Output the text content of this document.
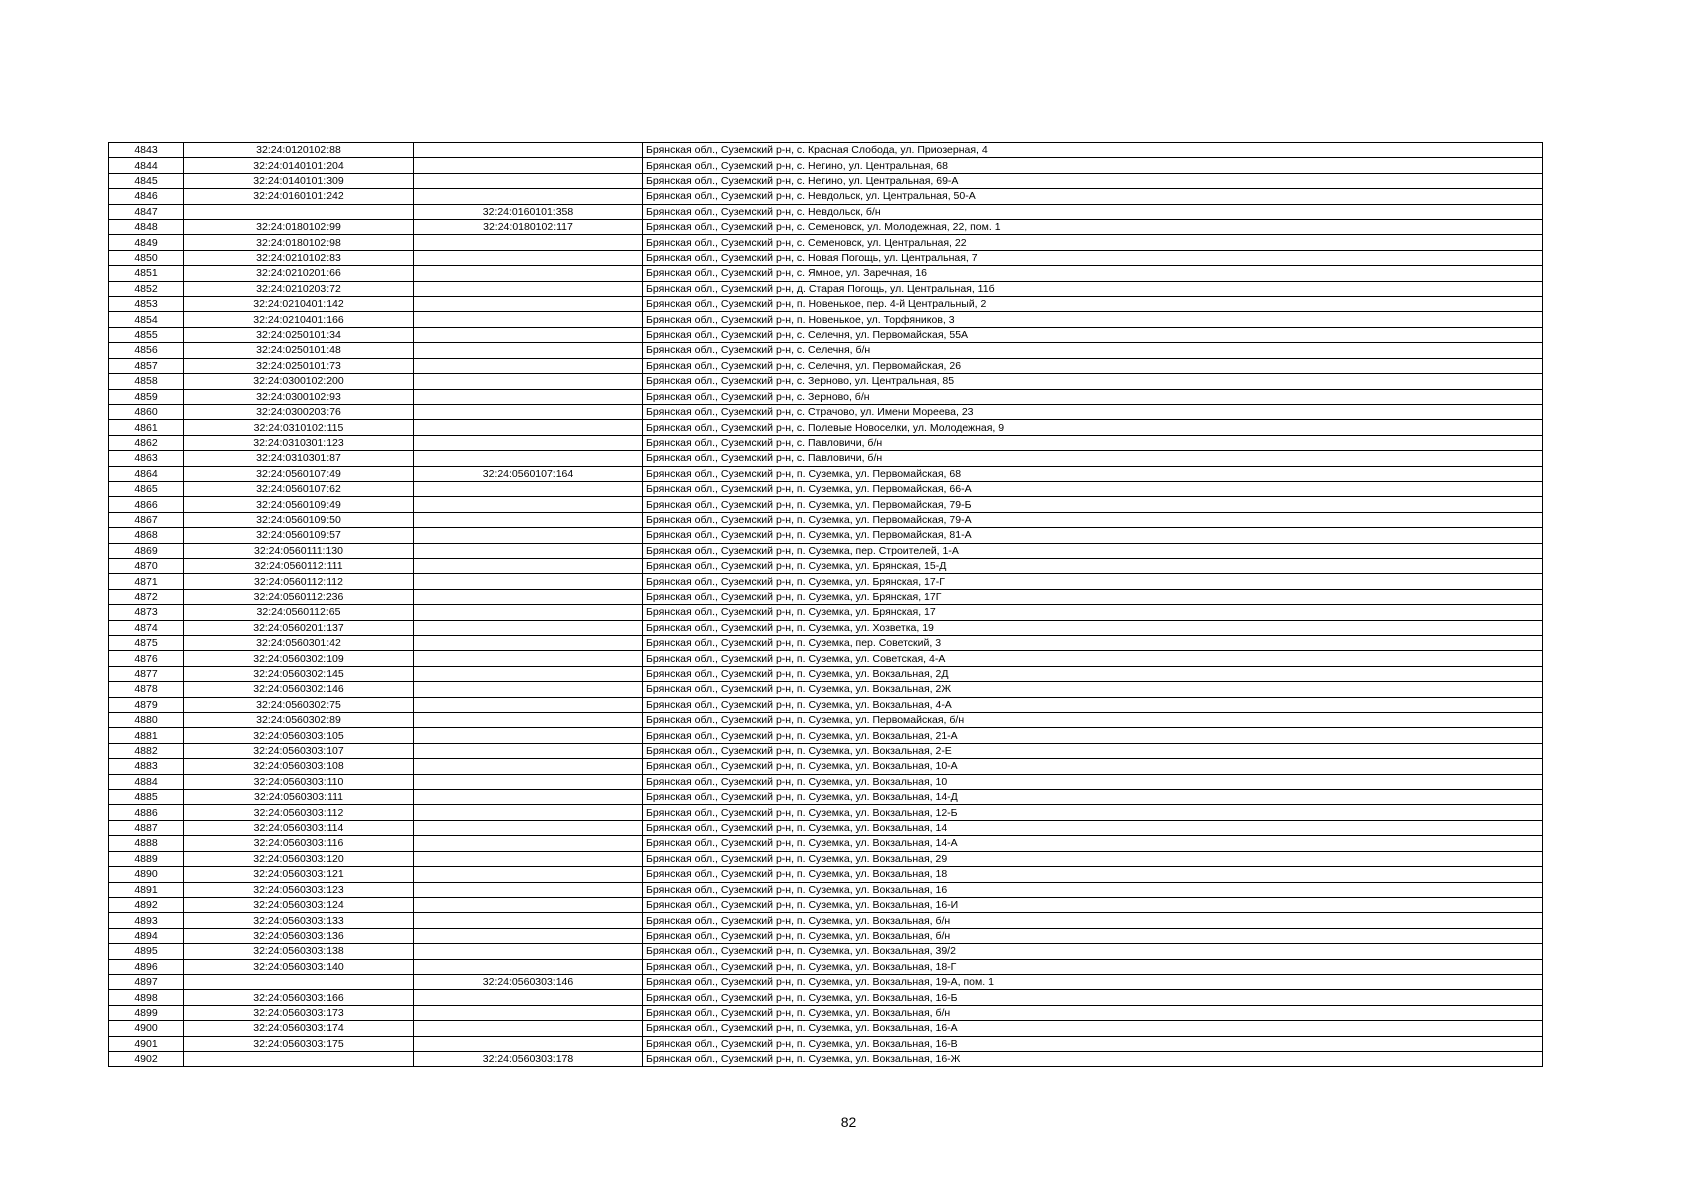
4843	32:24:0120102:88		Брянская обл., Суземский р-н, с. Красная Слобода, ул. Приозерная, 4
4844	32:24:0140101:204		Брянская обл., Суземский р-н, с. Негино, ул. Центральная, 68
4845	32:24:0140101:309		Брянская обл., Суземский р-н, с. Негино, ул. Центральная, 69-А
4846	32:24:0160101:242		Брянская обл., Суземский р-н, с. Невдольск, ул. Центральная, 50-А
4847		32:24:0160101:358	Брянская обл., Суземский р-н, с. Невдольск, б/н
4848	32:24:0180102:99	32:24:0180102:117	Брянская обл., Суземский р-н, с. Семеновск, ул. Молодежная, 22, пом. 1
4849	32:24:0180102:98		Брянская обл., Суземский р-н, с. Семеновск, ул. Центральная, 22
4850	32:24:0210102:83		Брянская обл., Суземский р-н, с. Новая Погощь, ул. Центральная, 7
4851	32:24:0210201:66		Брянская обл., Суземский р-н, с. Ямное, ул. Заречная, 16
4852	32:24:0210203:72		Брянская обл., Суземский р-н, д. Старая Погощь, ул. Центральная, 11б
4853	32:24:0210401:142		Брянская обл., Суземский р-н, п. Новенькое, пер. 4-й Центральный, 2
4854	32:24:0210401:166		Брянская обл., Суземский р-н, п. Новенькое, ул. Торфяников, 3
4855	32:24:0250101:34		Брянская обл., Суземский р-н, с. Селечня, ул. Первомайская, 55А
4856	32:24:0250101:48		Брянская обл., Суземский р-н, с. Селечня, б/н
4857	32:24:0250101:73		Брянская обл., Суземский р-н, с. Селечня, ул. Первомайская, 26
4858	32:24:0300102:200		Брянская обл., Суземский р-н, с. Зерново, ул. Центральная, 85
4859	32:24:0300102:93		Брянская обл., Суземский р-н, с. Зерново, б/н
4860	32:24:0300203:76		Брянская обл., Суземский р-н, с. Страчово, ул. Имени Мореева, 23
4861	32:24:0310102:115		Брянская обл., Суземский р-н, с. Полевые Новоселки, ул. Молодежная, 9
4862	32:24:0310301:123		Брянская обл., Суземский р-н, с. Павловичи, б/н
4863	32:24:0310301:87		Брянская обл., Суземский р-н, с. Павловичи, б/н
4864	32:24:0560107:49	32:24:0560107:164	Брянская обл., Суземский р-н, п. Суземка, ул. Первомайская, 68
4865	32:24:0560107:62		Брянская обл., Суземский р-н, п. Суземка, ул. Первомайская, 66-А
4866	32:24:0560109:49		Брянская обл., Суземский р-н, п. Суземка, ул. Первомайская, 79-Б
4867	32:24:0560109:50		Брянская обл., Суземский р-н, п. Суземка, ул. Первомайская, 79-А
4868	32:24:0560109:57		Брянская обл., Суземский р-н, п. Суземка, ул. Первомайская, 81-А
4869	32:24:0560111:130		Брянская обл., Суземский р-н, п. Суземка, пер. Строителей, 1-А
4870	32:24:0560112:111		Брянская обл., Суземский р-н, п. Суземка, ул. Брянская, 15-Д
4871	32:24:0560112:112		Брянская обл., Суземский р-н, п. Суземка, ул. Брянская, 17-Г
4872	32:24:0560112:236		Брянская обл., Суземский р-н, п. Суземка, ул. Брянская, 17Г
4873	32:24:0560112:65		Брянская обл., Суземский р-н, п. Суземка, ул. Брянская, 17
4874	32:24:0560201:137		Брянская обл., Суземский р-н, п. Суземка, ул. Хозветка, 19
4875	32:24:0560301:42		Брянская обл., Суземский р-н, п. Суземка, пер. Советский, 3
4876	32:24:0560302:109		Брянская обл., Суземский р-н, п. Суземка, ул. Советская, 4-А
4877	32:24:0560302:145		Брянская обл., Суземский р-н, п. Суземка, ул. Вокзальная, 2Д
4878	32:24:0560302:146		Брянская обл., Суземский р-н, п. Суземка, ул. Вокзальная, 2Ж
4879	32:24:0560302:75		Брянская обл., Суземский р-н, п. Суземка, ул. Вокзальная, 4-А
4880	32:24:0560302:89		Брянская обл., Суземский р-н, п. Суземка, ул. Первомайская, б/н
4881	32:24:0560303:105		Брянская обл., Суземский р-н, п. Суземка, ул. Вокзальная, 21-А
4882	32:24:0560303:107		Брянская обл., Суземский р-н, п. Суземка, ул. Вокзальная, 2-Е
4883	32:24:0560303:108		Брянская обл., Суземский р-н, п. Суземка, ул. Вокзальная, 10-А
4884	32:24:0560303:110		Брянская обл., Суземский р-н, п. Суземка, ул. Вокзальная, 10
4885	32:24:0560303:111		Брянская обл., Суземский р-н, п. Суземка, ул. Вокзальная, 14-Д
4886	32:24:0560303:112		Брянская обл., Суземский р-н, п. Суземка, ул. Вокзальная, 12-Б
4887	32:24:0560303:114		Брянская обл., Суземский р-н, п. Суземка, ул. Вокзальная, 14
4888	32:24:0560303:116		Брянская обл., Суземский р-н, п. Суземка, ул. Вокзальная, 14-А
4889	32:24:0560303:120		Брянская обл., Суземский р-н, п. Суземка, ул. Вокзальная, 29
4890	32:24:0560303:121		Брянская обл., Суземский р-н, п. Суземка, ул. Вокзальная, 18
4891	32:24:0560303:123		Брянская обл., Суземский р-н, п. Суземка, ул. Вокзальная, 16
4892	32:24:0560303:124		Брянская обл., Суземский р-н, п. Суземка, ул. Вокзальная, 16-И
4893	32:24:0560303:133		Брянская обл., Суземский р-н, п. Суземка, ул. Вокзальная, б/н
4894	32:24:0560303:136		Брянская обл., Суземский р-н, п. Суземка, ул. Вокзальная, б/н
4895	32:24:0560303:138		Брянская обл., Суземский р-н, п. Суземка, ул. Вокзальная, 39/2
4896	32:24:0560303:140		Брянская обл., Суземский р-н, п. Суземка, ул. Вокзальная, 18-Г
4897		32:24:0560303:146	Брянская обл., Суземский р-н, п. Суземка, ул. Вокзальная, 19-А, пом. 1
4898	32:24:0560303:166		Брянская обл., Суземский р-н, п. Суземка, ул. Вокзальная, 16-Б
4899	32:24:0560303:173		Брянская обл., Суземский р-н, п. Суземка, ул. Вокзальная, б/н
4900	32:24:0560303:174		Брянская обл., Суземский р-н, п. Суземка, ул. Вокзальная, 16-А
4901	32:24:0560303:175		Брянская обл., Суземский р-н, п. Суземка, ул. Вокзальная, 16-В
4902		32:24:0560303:178	Брянская обл., Суземский р-н, п. Суземка, ул. Вокзальная, 16-Ж
82
